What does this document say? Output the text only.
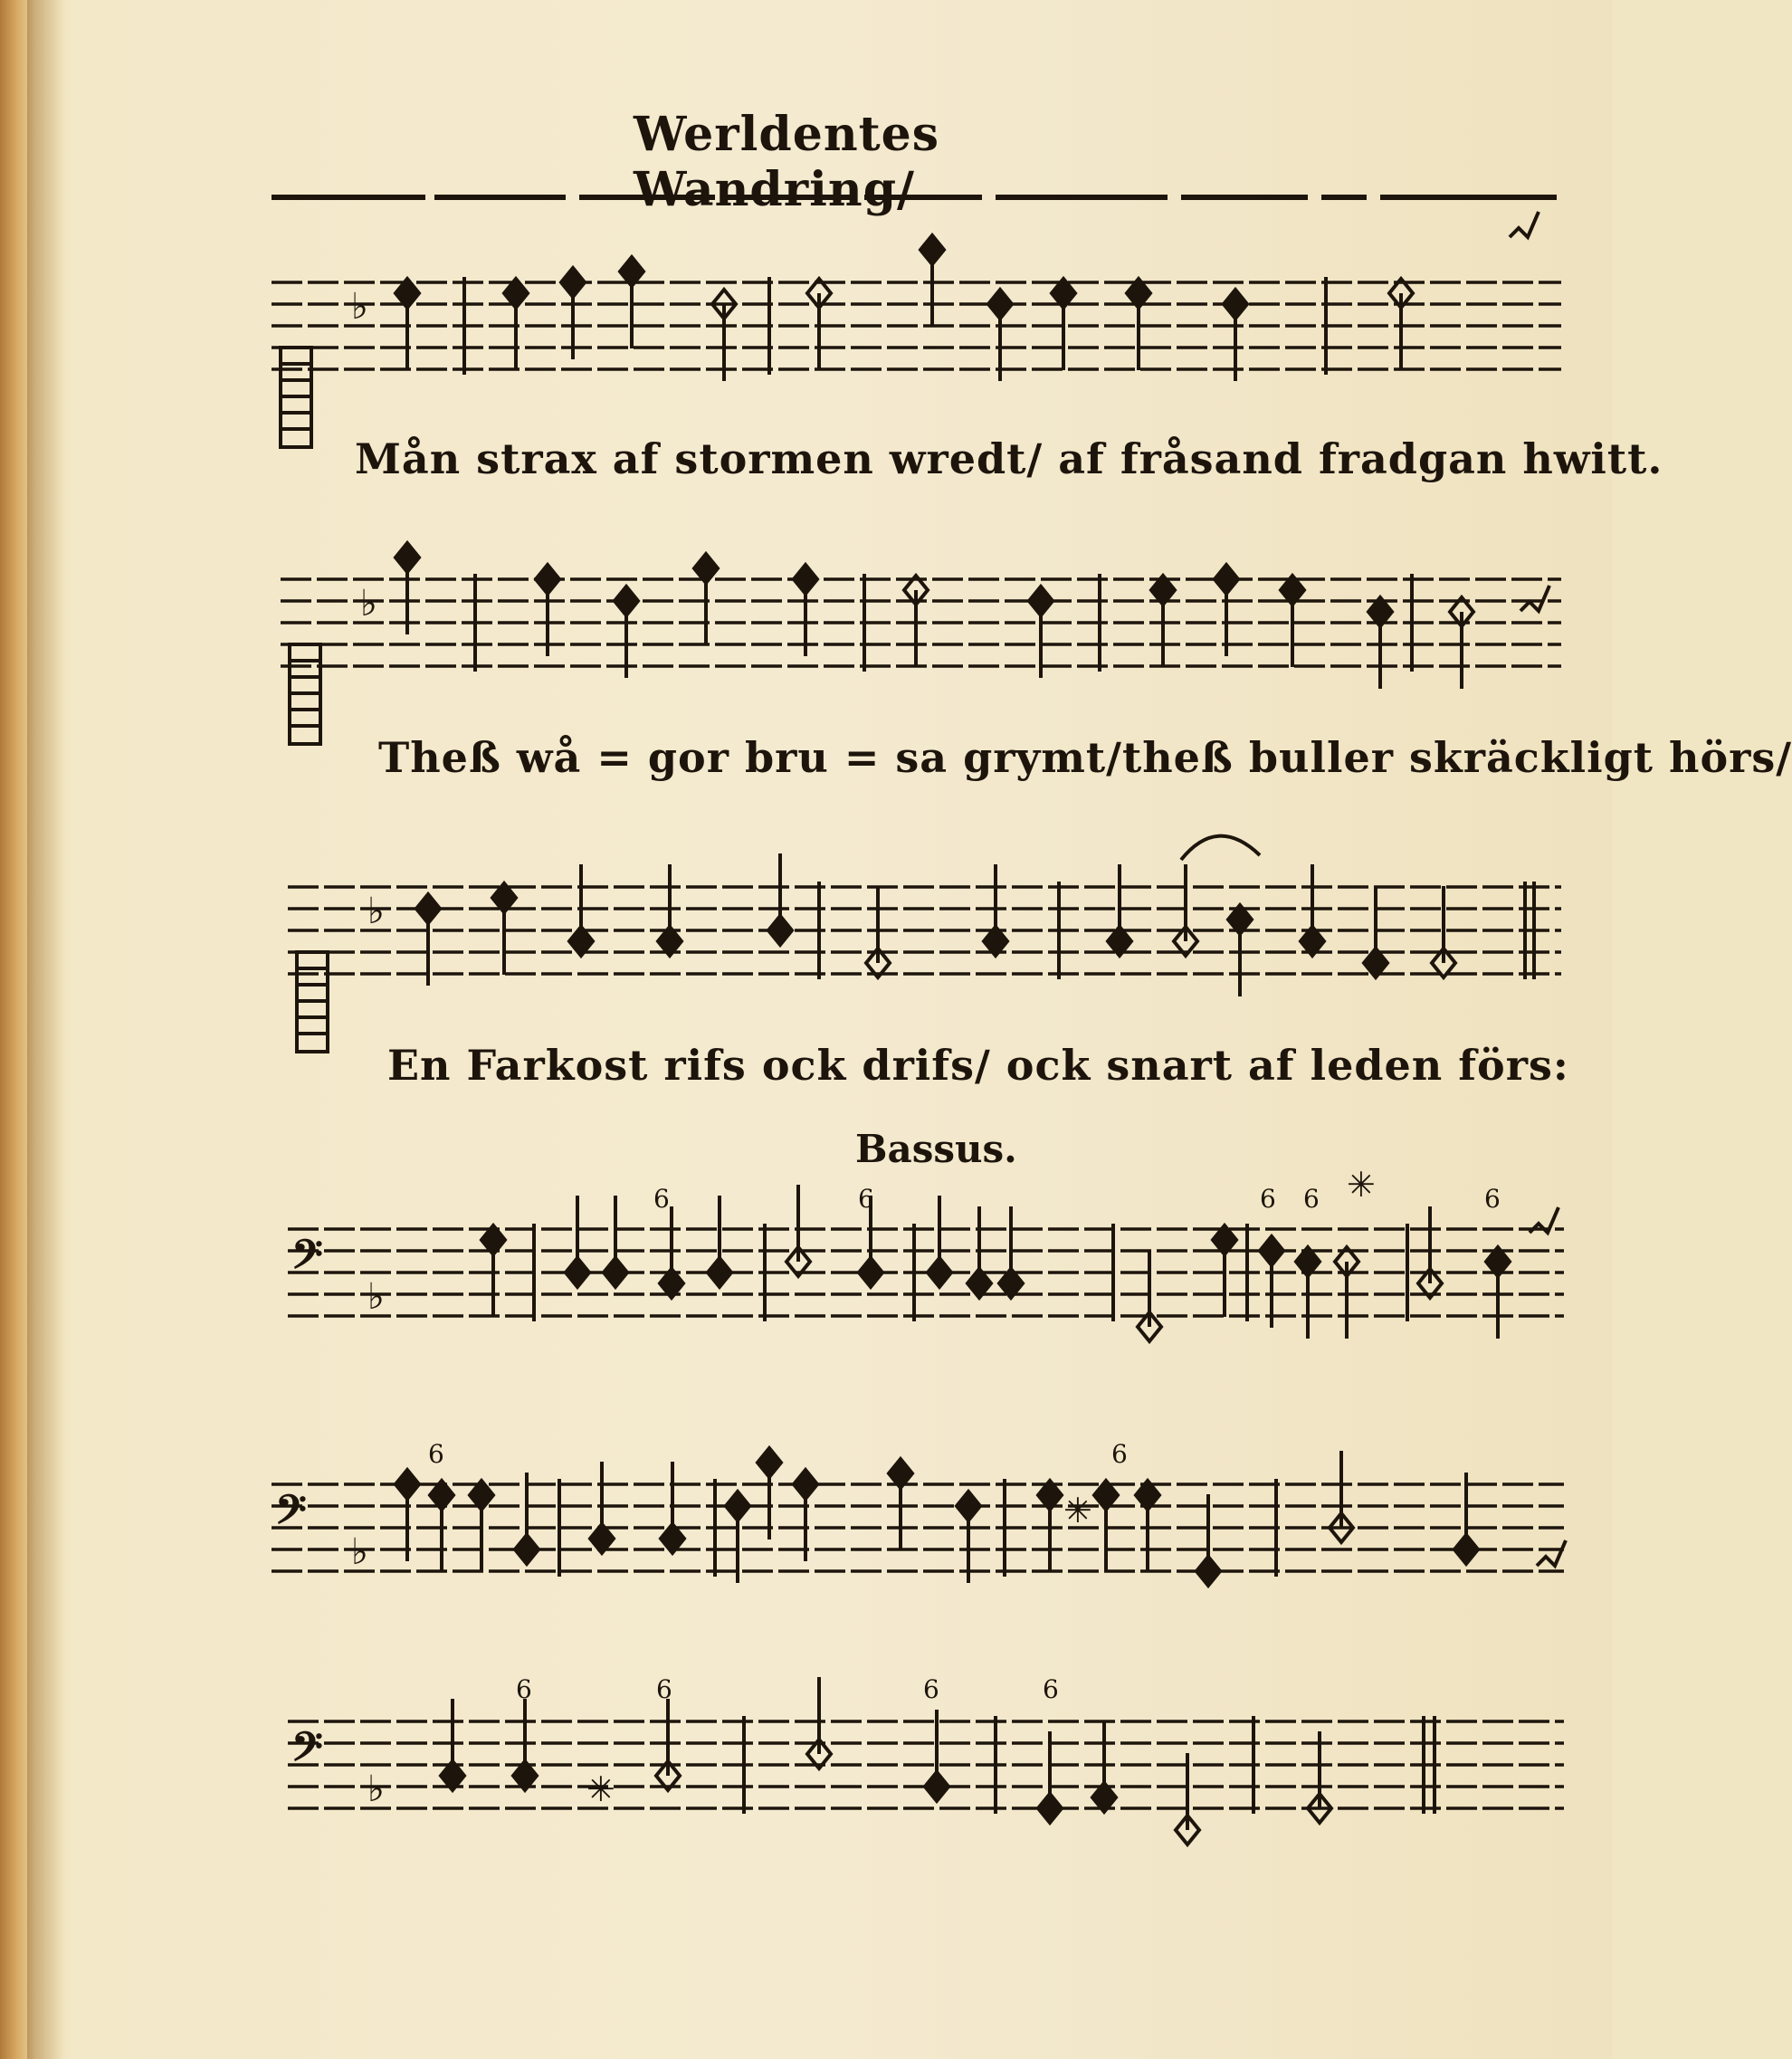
Werldentes Wandring/
♭
♭
♭
♭
𝄢
♭
𝄢
♭
𝄢
✳
✳
✳
Mån strax af stormen wredt/ af fråsand fradgan hwitt.
Theß wå = gor bru = sa grymt/theß buller skräckligt hörs/
En Farkost rifs ock drifs/ ock snart af leden förs:
Bassus.
6	6	6 6	6
6	6
6	6	6	6
